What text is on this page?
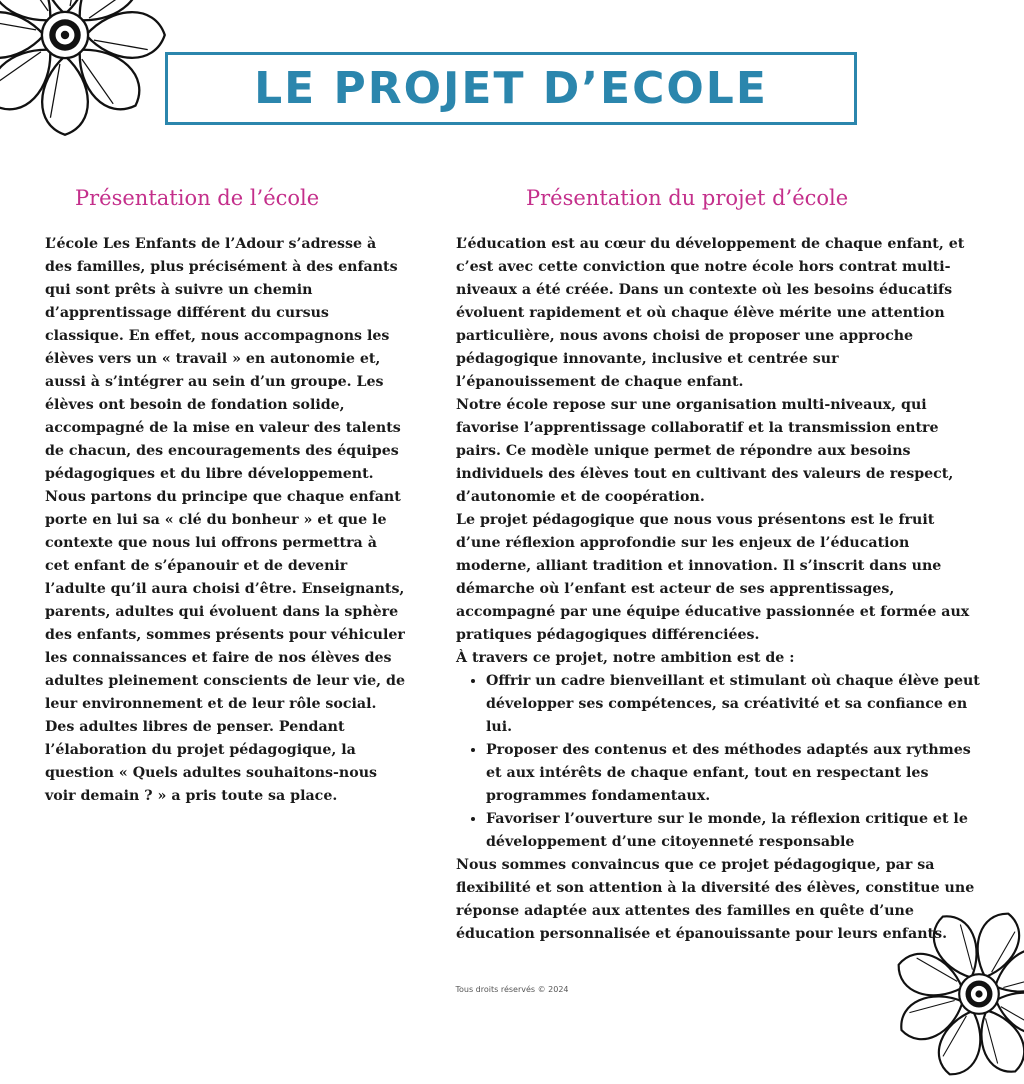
LE PROJET D’ECOLE
Présentation de l’école	Présentation du projet d’école

L’école Les Enfants de l’Adour s’adresse à des familles, plus précisément à des enfants qui sont prêts à suivre un chemin d’apprentissage différent du cursus classique. En effet, nous accompagnons les élèves vers un « travail » en autonomie et, aussi à s’intégrer au sein d’un groupe. Les élèves ont besoin de fondation solide, accompagné de la mise en valeur des talents de chacun, des encouragements des équipes pédagogiques et du libre développement. Nous partons du principe que chaque enfant porte en lui sa « clé du bonheur » et que le contexte que nous lui offrons permettra à cet enfant de s’épanouir et de devenir l’adulte qu’il aura choisi d’être. Enseignants, parents, adultes qui évoluent dans la sphère des enfants, sommes présents pour véhiculer les connaissances et faire de nos élèves des adultes pleinement conscients de leur vie, de leur environnement et de leur rôle social. Des adultes libres de penser. Pendant l’élaboration du projet pédagogique, la question « Quels adultes souhaitons-nous voir demain ? » a pris toute sa place.

L’éducation est au cœur du développement de chaque enfant, et c’est avec cette conviction que notre école hors contrat multi-niveaux a été créée. Dans un contexte où les besoins éducatifs évoluent rapidement et où chaque élève mérite une attention particulière, nous avons choisi de proposer une approche pédagogique innovante, inclusive et centrée sur l’épanouissement de chaque enfant.

Notre école repose sur une organisation multi-niveaux, qui favorise l’apprentissage collaboratif et la transmission entre pairs. Ce modèle unique permet de répondre aux besoins individuels des élèves tout en cultivant des valeurs de respect, d’autonomie et de coopération.

Le projet pédagogique que nous vous présentons est le fruit d’une réflexion approfondie sur les enjeux de l’éducation moderne, alliant tradition et innovation. Il s’inscrit dans une démarche où l’enfant est acteur de ses apprentissages, accompagné par une équipe éducative passionnée et formée aux pratiques pédagogiques différenciées.

À travers ce projet, notre ambition est de :

• Offrir un cadre bienveillant et stimulant où chaque élève peut développer ses compétences, sa créativité et sa confiance en lui.
• Proposer des contenus et des méthodes adaptés aux rythmes et aux intérêts de chaque enfant, tout en respectant les programmes fondamentaux.
• Favoriser l’ouverture sur le monde, la réflexion critique et le développement d’une citoyenneté responsable

Nous sommes convaincus que ce projet pédagogique, par sa flexibilité et son attention à la diversité des élèves, constitue une réponse adaptée aux attentes des familles en quête d’une éducation personnalisée et épanouissante pour leurs enfants.

Tous droits réservés © 2024
